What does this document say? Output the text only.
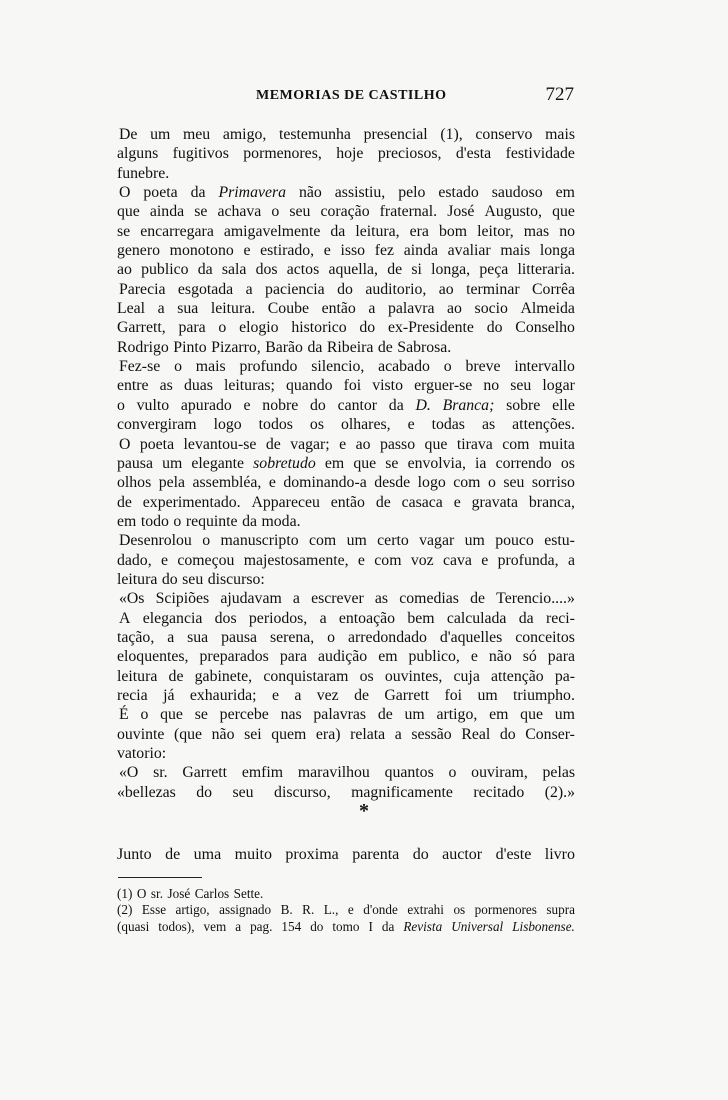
MEMORIAS DE CASTILHO	727
De um meu amigo, testemunha presencial (1), conservo mais
alguns fugitivos pormenores, hoje preciosos, d'esta festividade
funebre.
O poeta da Primavera não assistiu, pelo estado saudoso em
que ainda se achava o seu coração fraternal. José Augusto, que
se encarregara amigavelmente da leitura, era bom leitor, mas no
genero monotono e estirado, e isso fez ainda avaliar mais longa
ao publico da sala dos actos aquella, de si longa, peça litteraria.
Parecia esgotada a paciencia do auditorio, ao terminar Corrêa
Leal a sua leitura. Coube então a palavra ao socio Almeida
Garrett, para o elogio historico do ex-Presidente do Conselho
Rodrigo Pinto Pizarro, Barão da Ribeira de Sabrosa.
Fez-se o mais profundo silencio, acabado o breve intervallo
entre as duas leituras; quando foi visto erguer-se no seu logar
o vulto apurado e nobre do cantor da D. Branca; sobre elle
convergiram logo todos os olhares, e todas as attenções.
O poeta levantou-se de vagar; e ao passo que tirava com muita
pausa um elegante sobretudo em que se envolvia, ia correndo os
olhos pela assembléa, e dominando-a desde logo com o seu sorriso
de experimentado. Appareceu então de casaca e gravata branca,
em todo o requinte da moda.
Desenrolou o manuscripto com um certo vagar um pouco estu-
dado, e começou majestosamente, e com voz cava e profunda, a
leitura do seu discurso:
«Os Scipiões ajudavam a escrever as comedias de Terencio....»
A elegancia dos periodos, a entoação bem calculada da reci-
tação, a sua pausa serena, o arredondado d'aquelles conceitos
eloquentes, preparados para audição em publico, e não só para
leitura de gabinete, conquistaram os ouvintes, cuja attenção pa-
recia já exhaurida; e a vez de Garrett foi um triumpho.
É o que se percebe nas palavras de um artigo, em que um
ouvinte (que não sei quem era) relata a sessão Real do Conser-
vatorio:
«O sr. Garrett emfim maravilhou quantos o ouviram, pelas
«bellezas do seu discurso, magnificamente recitado (2).»
*
Junto de uma muito proxima parenta do auctor d'este livro
(1) O sr. José Carlos Sette.
(2) Esse artigo, assignado B. R. L., e d'onde extrahi os pormenores supra
(quasi todos), vem a pag. 154 do tomo I da Revista Universal Lisbonense.
